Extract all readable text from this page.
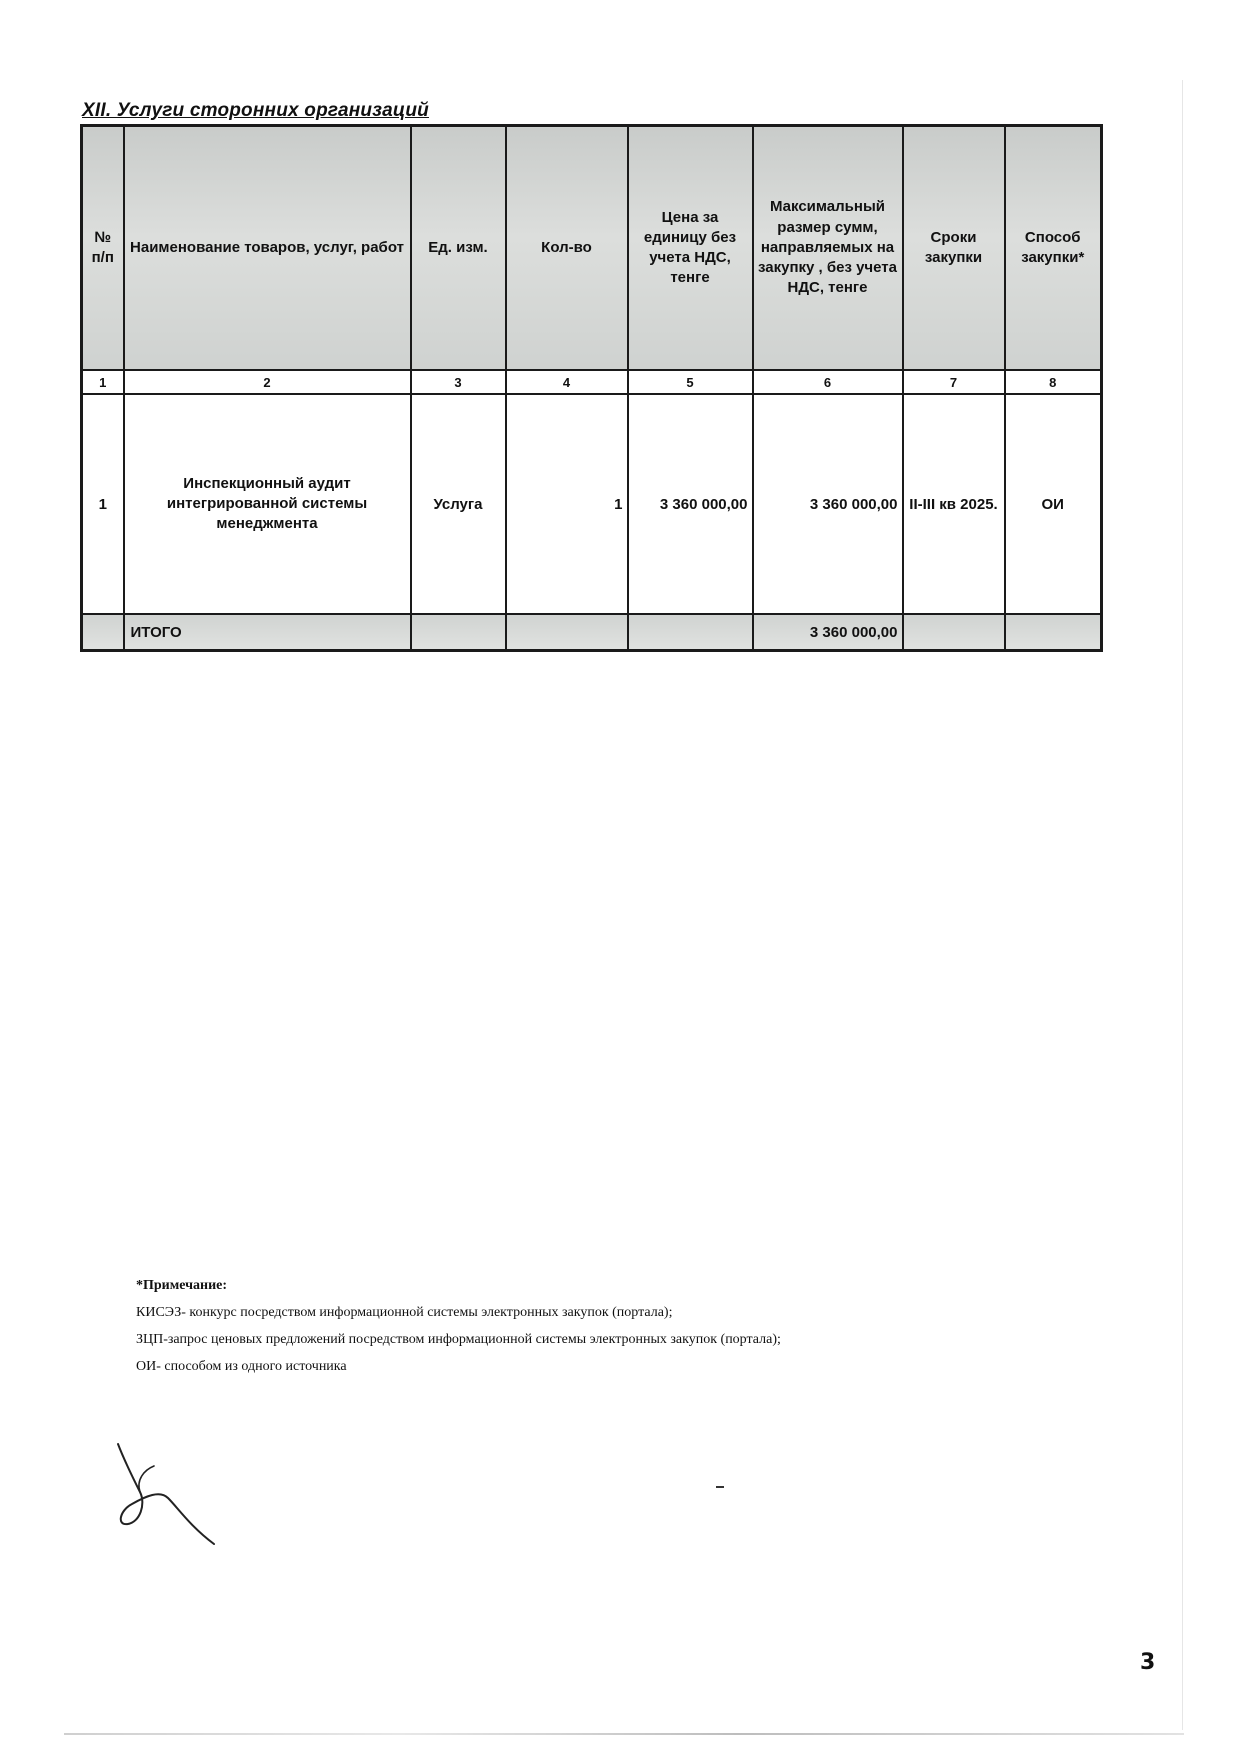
XII. Услуги сторонних организаций
№ п/п	Наименование товаров, услуг, работ	Ед. изм.	Кол-во	Цена за единицу без учета НДС, тенге	Максимальный размер сумм, направляемых на закупку , без учета НДС, тенге	Сроки закупки	Способ закупки*
1	2	3	4	5	6	7	8
1	Инспекционный аудит интегрированной системы менеджмента	Услуга	1	3 360 000,00	3 360 000,00	II-III кв 2025.	ОИ
	ИТОГО				3 360 000,00		
*Примечание:
КИСЭЗ- конкурс посредством информационной системы электронных закупок (портала);
ЗЦП-запрос ценовых предложений посредством информационной системы электронных закупок (портала);
ОИ- способом из одного источника
3
